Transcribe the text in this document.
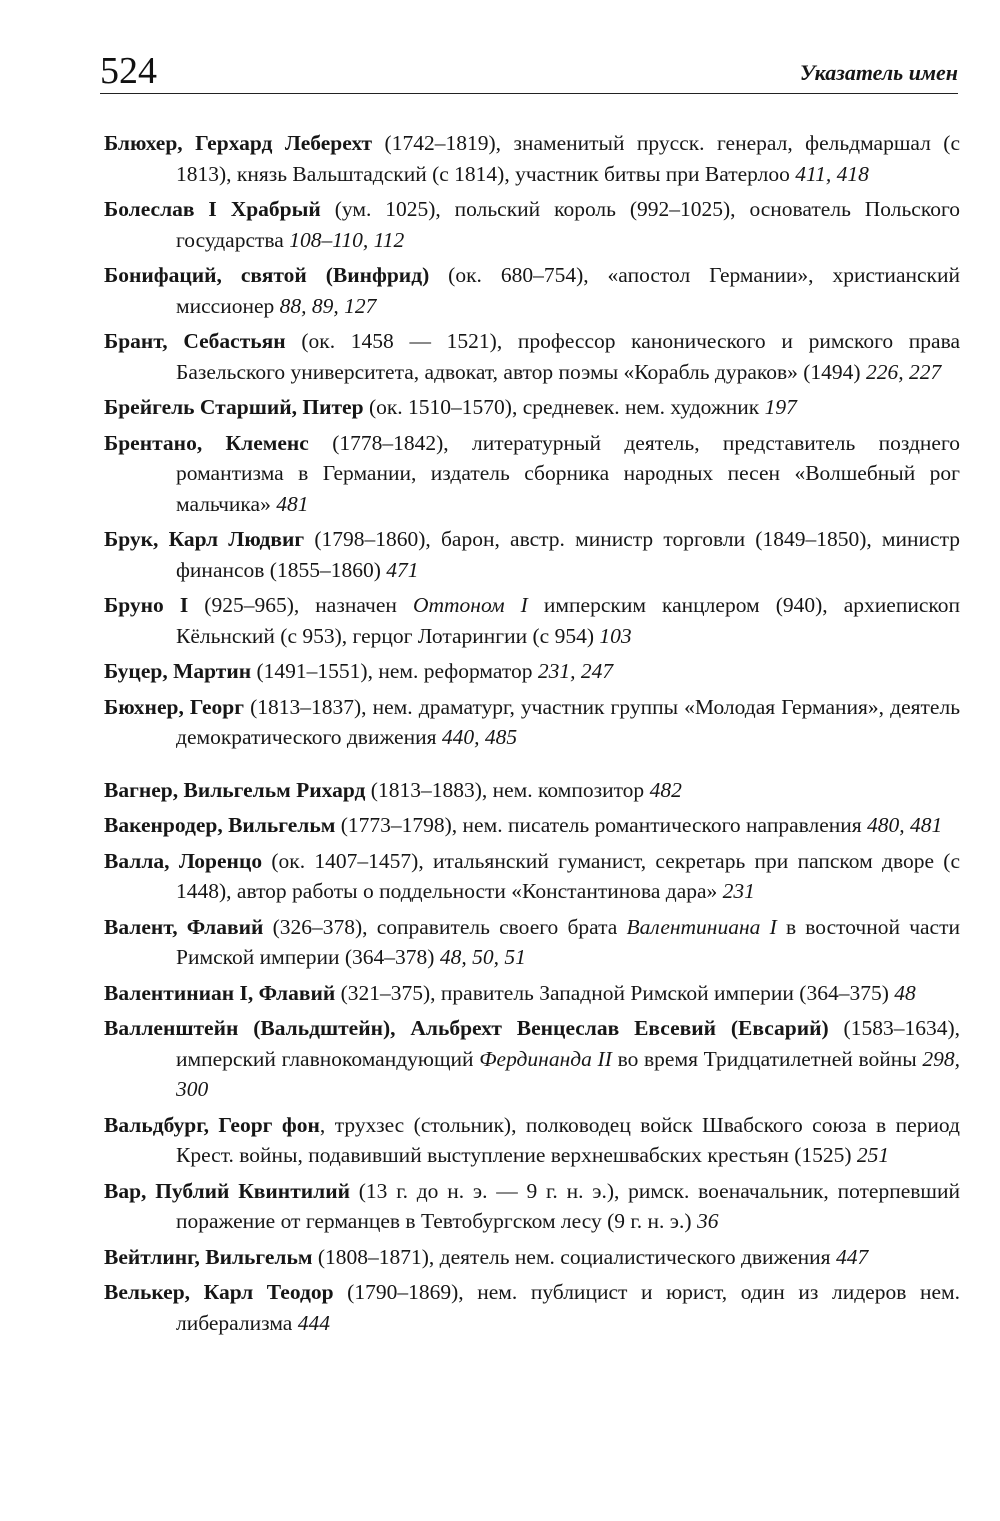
524	Указатель имен

Блюхер, Герхард Леберехт (1742–1819), знаменитый прусск. генерал, фельдмаршал (с 1813), князь Вальштадский (с 1814), участник битвы при Ватерлоо 411, 418

Болеслав I Храбрый (ум. 1025), польский король (992–1025), основатель Польского государства 108–110, 112

Бонифаций, святой (Винфрид) (ок. 680–754), «апостол Германии», христианский миссионер 88, 89, 127

Брант, Себастьян (ок. 1458 — 1521), профессор канонического и римского права Базельского университета, адвокат, автор поэмы «Корабль дураков» (1494) 226, 227

Брейгель Старший, Питер (ок. 1510–1570), средневек. нем. художник 197

Брентано, Клеменс (1778–1842), литературный деятель, представитель позднего романтизма в Германии, издатель сборника народных песен «Волшебный рог мальчика» 481

Брук, Карл Людвиг (1798–1860), барон, австр. министр торговли (1849–1850), министр финансов (1855–1860) 471

Бруно I (925–965), назначен Оттоном I имперским канцлером (940), архиепископ Кёльнский (с 953), герцог Лотарингии (с 954) 103

Буцер, Мартин (1491–1551), нем. реформатор 231, 247

Бюхнер, Георг (1813–1837), нем. драматург, участник группы «Молодая Германия», деятель демократического движения 440, 485

Вагнер, Вильгельм Рихард (1813–1883), нем. композитор 482

Вакенродер, Вильгельм (1773–1798), нем. писатель романтического направления 480, 481

Валла, Лоренцо (ок. 1407–1457), итальянский гуманист, секретарь при папском дворе (с 1448), автор работы о поддельности «Константинова дара» 231

Валент, Флавий (326–378), соправитель своего брата Валентиниана I в восточной части Римской империи (364–378) 48, 50, 51

Валентиниан I, Флавий (321–375), правитель Западной Римской империи (364–375) 48

Валленштейн (Вальдштейн), Альбрехт Венцеслав Евсевий (Евсарий) (1583–1634), имперский главнокомандующий Фердинанда II во время Тридцатилетней войны 298, 300

Вальдбург, Георг фон, трухзес (стольник), полководец войск Швабского союза в период Крест. войны, подавивший выступление верхнешвабских крестьян (1525) 251

Вар, Публий Квинтилий (13 г. до н. э. — 9 г. н. э.), римск. военачальник, потерпевший поражение от германцев в Тевтобургском лесу (9 г. н. э.) 36

Вейтлинг, Вильгельм (1808–1871), деятель нем. социалистического движения 447

Велькер, Карл Теодор (1790–1869), нем. публицист и юрист, один из лидеров нем. либерализма 444
